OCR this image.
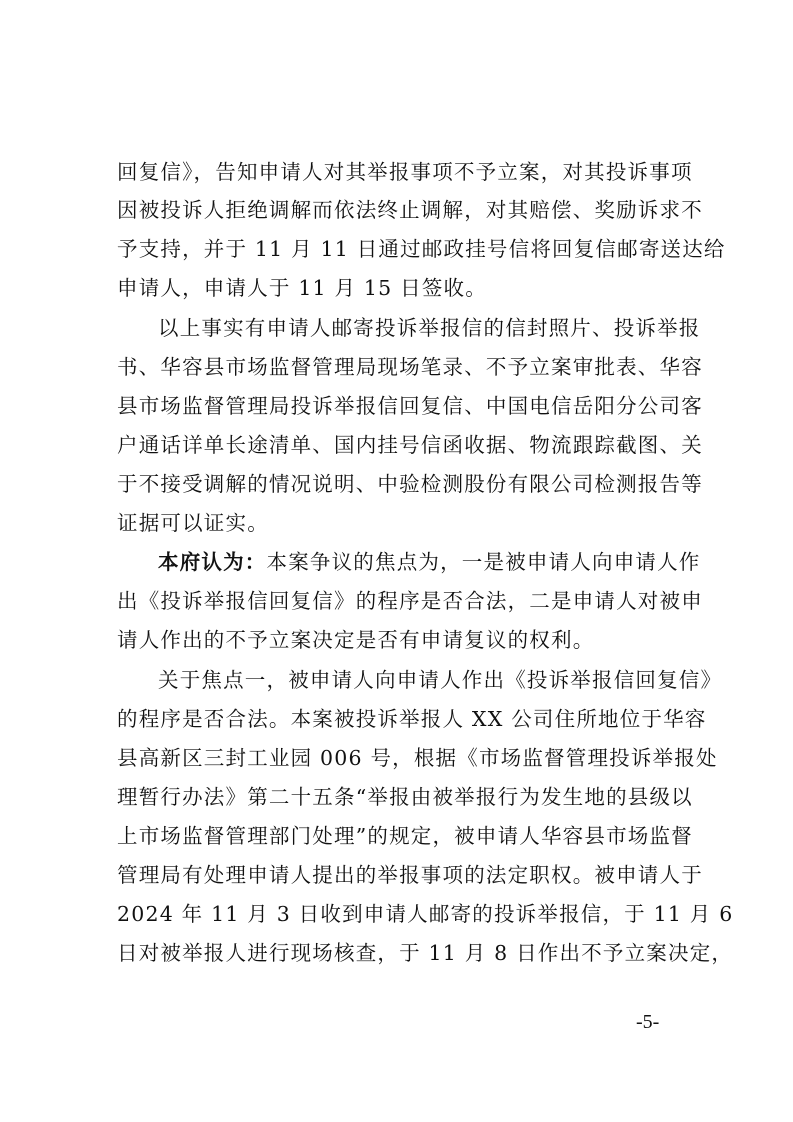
回复信》，告知申请人对其举报事项不予立案，对其投诉事项
因被投诉人拒绝调解而依法终止调解，对其赔偿、奖励诉求不
予支持，并于 11 月 11 日通过邮政挂号信将回复信邮寄送达给
申请人，申请人于 11 月 15 日签收。
以上事实有申请人邮寄投诉举报信的信封照片、投诉举报
书、华容县市场监督管理局现场笔录、不予立案审批表、华容
县市场监督管理局投诉举报信回复信、中国电信岳阳分公司客
户通话详单长途清单、国内挂号信函收据、物流跟踪截图、关
于不接受调解的情况说明、中验检测股份有限公司检测报告等
证据可以证实。
本府认为：本案争议的焦点为，一是被申请人向申请人作
出《投诉举报信回复信》的程序是否合法，二是申请人对被申
请人作出的不予立案决定是否有申请复议的权利。
关于焦点一，被申请人向申请人作出《投诉举报信回复信》
的程序是否合法。本案被投诉举报人 XX 公司住所地位于华容
县高新区三封工业园 006 号，根据《市场监督管理投诉举报处
理暂行办法》第二十五条“举报由被举报行为发生地的县级以
上市场监督管理部门处理”的规定，被申请人华容县市场监督
管理局有处理申请人提出的举报事项的法定职权。被申请人于
2024 年 11 月 3 日收到申请人邮寄的投诉举报信，于 11 月 6
日对被举报人进行现场核查，于 11 月 8 日作出不予立案决定，
-5-
